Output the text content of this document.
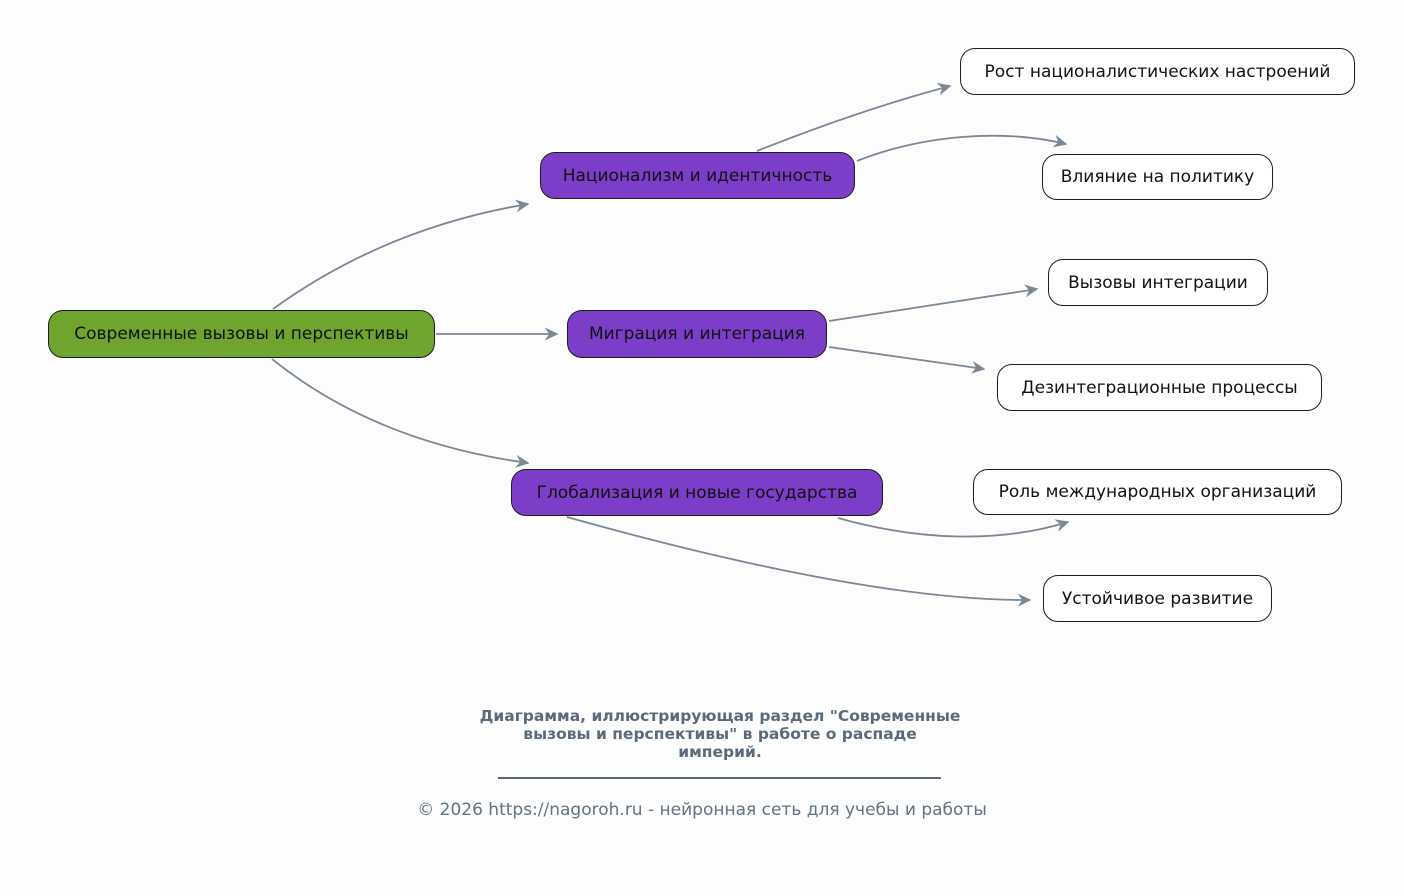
Современные вызовы и перспективы
Национализм и идентичность
Миграция и интеграция
Глобализация и новые государства
Рост националистических настроений
Влияние на политику
Вызовы интеграции
Дезинтеграционные процессы
Роль международных организаций
Устойчивое развитие
Диаграмма, иллюстрирующая раздел "Современные
вызовы и перспективы" в работе о распаде
империй.
© 2026 https://nagoroh.ru - нейронная сеть для учебы и работы
